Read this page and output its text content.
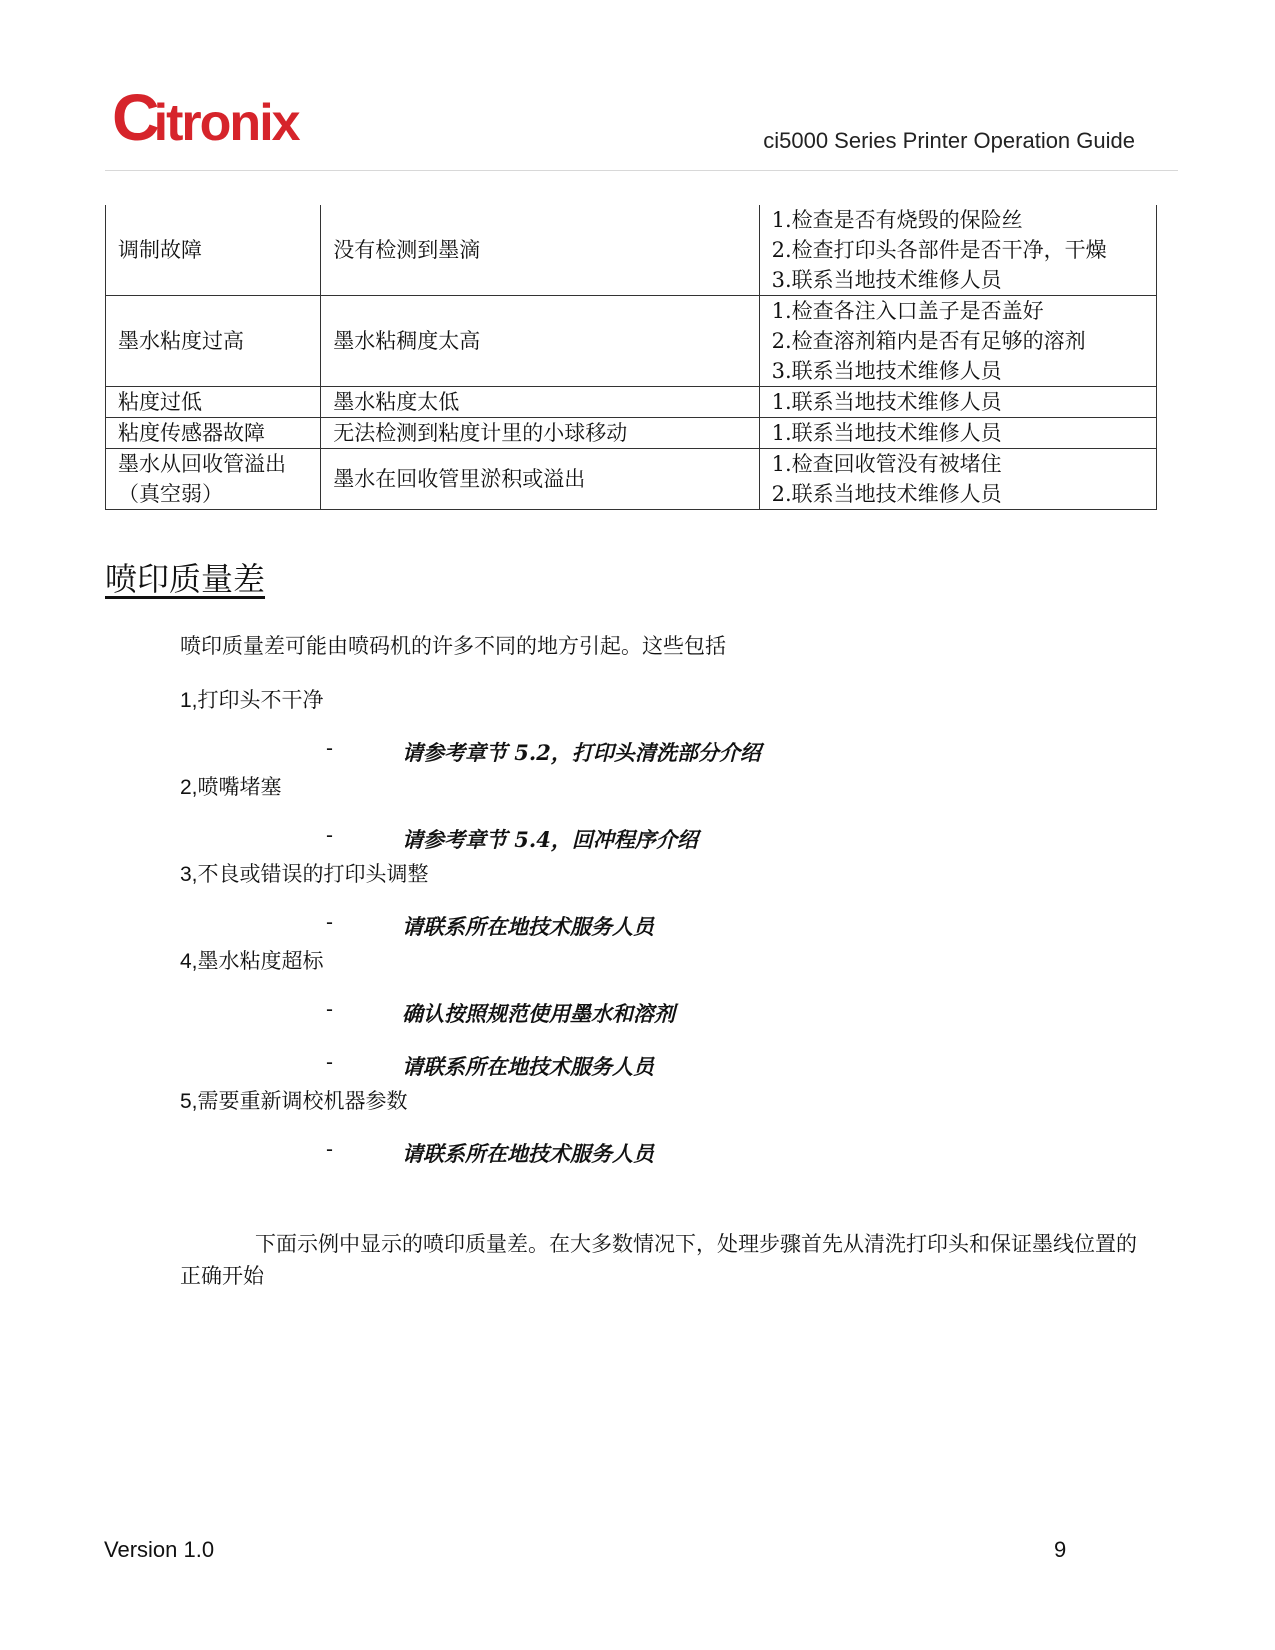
Citronix	ci5000 Series Printer Operation Guide
调制故障	没有检测到墨滴	1.检查是否有烧毁的保险丝
2.检查打印头各部件是否干净，干燥
3.联系当地技术维修人员

墨水粘度过高	墨水粘稠度太高	1.检查各注入口盖子是否盖好
2.检查溶剂箱内是否有足够的溶剂
3.联系当地技术维修人员

粘度过低	墨水粘度太低	1.联系当地技术维修人员

粘度传感器故障	无法检测到粘度计里的小球移动	1.联系当地技术维修人员

墨水从回收管溢出（真空弱）	墨水在回收管里淤积或溢出	1.检查回收管没有被堵住
2.联系当地技术维修人员
喷印质量差
喷印质量差可能由喷码机的许多不同的地方引起。这些包括
1,打印头不干净
-	请参考章节 5.2，打印头清洗部分介绍
2,喷嘴堵塞
-	请参考章节 5.4，回冲程序介绍
3,不良或错误的打印头调整
-	请联系所在地技术服务人员
4,墨水粘度超标
-	确认按照规范使用墨水和溶剂
-	请联系所在地技术服务人员
5,需要重新调校机器参数
-	请联系所在地技术服务人员

下面示例中显示的喷印质量差。在大多数情况下，处理步骤首先从清洗打印头和保证墨线位置的正确开始

Version 1.0	9
